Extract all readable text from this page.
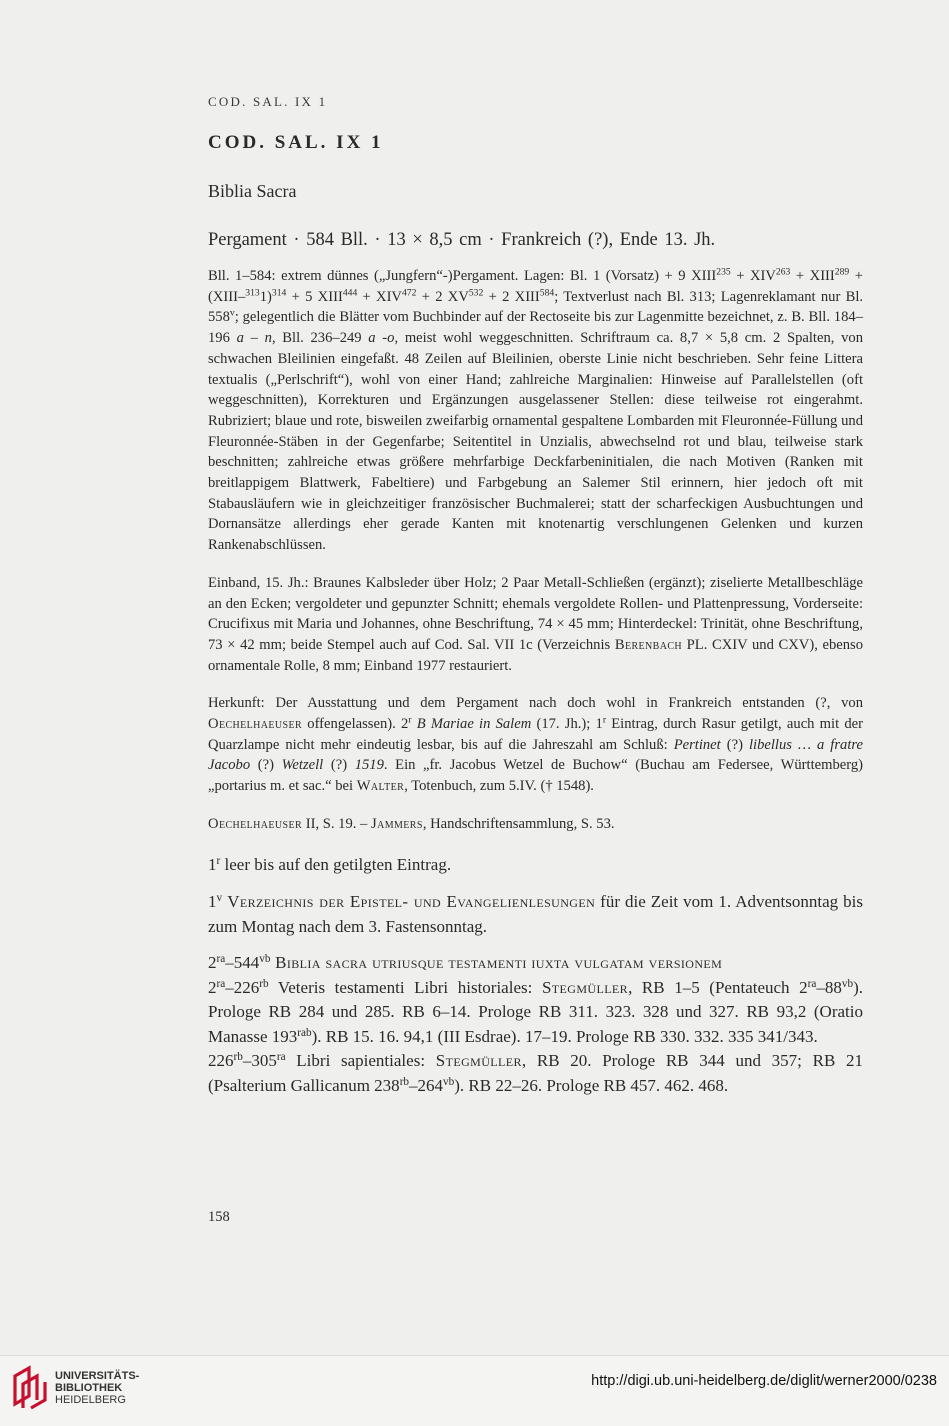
COD. SAL. IX 1
COD. SAL. IX 1
Biblia Sacra
Pergament · 584 Bll. · 13 × 8,5 cm · Frankreich (?), Ende 13. Jh.

Bll. 1–584: extrem dünnes („Jungfern“-)Pergament. Lagen: Bl. 1 (Vorsatz) + 9 $XIII^{235} + XIV^{263}$ + $XIII^{289}$ + (XIII–$^{313}$1)$^{314}$ + 5 $XIII^{444} + XIV^{472} + 2$ $XV^{532} + 2$ XIII$^{584}$; Textverlust nach Bl. 313; Lagenreklamant nur Bl. 558$^v$; gelegentlich die Blätter vom Buchbinder auf der Rectoseite bis zur Lagenmitte bezeichnet, z. B. Bll. 184–196 a – n, Bll. 236–249 a -o, meist wohl weggeschnitten. Schriftraum ca. 8,7 × 5,8 cm. 2 Spalten, von schwachen Bleilinien eingefaßt. 48 Zeilen auf Bleilinien, oberste Linie nicht beschrieben. Sehr feine Littera textualis („Perlschrift“), wohl von einer Hand; zahlreiche Marginalien: Hinweise auf Parallelstellen (oft weggeschnitten), Korrekturen und Ergänzungen ausgelassener Stellen: diese teilweise rot eingerahmt. Rubriziert; blaue und rote, bisweilen zweifarbig ornamental gespaltene Lombarden mit Fleuronnée-Füllung und Fleuronnée-Stäben in der Gegenfarbe; Seitentitel in Unzialis, abwechselnd rot und blau, teilweise stark beschnitten; zahlreiche etwas größere mehrfarbige Deckfarbeninitialen, die nach Motiven (Ranken mit breitlappigem Blattwerk, Fabeltiere) und Farbgebung an Salemer Stil erinnern, hier jedoch oft mit Stabausläufern wie in gleichzeitiger französischer Buchmalerei; statt der scharfeckigen Ausbuchtungen und Dornansätze allerdings eher gerade Kanten mit knotenartig verschlungenen Gelenken und kurzen Rankenabschlüssen.

Einband, 15. Jh.: Braunes Kalbsleder über Holz; 2 Paar Metall-Schließen (ergänzt); ziselierte Metallbeschläge an den Ecken; vergoldeter und gepunzter Schnitt; ehemals vergoldete Rollen- und Plattenpressung, Vorderseite: Crucifixus mit Maria und Johannes, ohne Beschriftung, 74 × 45 mm; Hinterdeckel: Trinität, ohne Beschriftung, 73 × 42 mm; beide Stempel auch auf Cod. Sal. VII 1c (Verzeichnis Berenbach PL. CXIV und CXV), ebenso ornamentale Rolle, 8 mm; Einband 1977 restauriert.

Herkunft: Der Ausstattung und dem Pergament nach doch wohl in Frankreich entstanden (?, von Oechelhaeuser offengelassen). 2$^r$ B Mariae in Salem (17. Jh.); 1$^r$ Eintrag, durch Rasur getilgt, auch mit der Quarzlampe nicht mehr eindeutig lesbar, bis auf die Jahreszahl am Schluß: Pertinet (?) libellus … a fratre Jacobo (?) Wetzell (?) 1519. Ein „fr. Jacobus Wetzel de Buchow“ (Buchau am Federsee, Württemberg) „portarius m. et sac.“ bei Walter, Totenbuch, zum 5.IV. († 1548).

Oechelhaeuser II, S. 19. – Jammers, Handschriftensammlung, S. 53.

1$^r$ leer bis auf den getilgten Eintrag.

1$^v$ Verzeichnis der Epistel- und Evangelienlesungen für die Zeit vom 1. Adventsonntag bis zum Montag nach dem 3. Fastensonntag.

$2^{ra}-544^{vb}$ Biblia sacra utriusque testamenti iuxta vulgatam versionem

$2^{ra}-226^{rb}$ Veteris testamenti Libri historiales: Stegmüller, RB 1–5 (Pentateuch $2^{ra}-88^{vb}$). Prologe RB 284 und 285. RB 6–14. Prologe RB 311. 323. 328 und 327. RB 93,2 (Oratio Manasse $193^{rab}$). RB 15. 16. 94,1 (III Esdrae). 17–19. Prologe RB 330. 332. 335 341/343.

$226^{rb}-305^{ra}$ Libri sapientiales: Stegmüller, RB 20. Prologe RB 344 und 357; RB 21 (Psalterium Gallicanum $238^{rb}-264^{vb}$). RB 22–26. Prologe RB 457. 462. 468.

158
UNIVERSITÄTS-
BIBLIOTHEK
HEIDELBERG
http://digi.ub.uni-heidelberg.de/diglit/werner2000/0238
